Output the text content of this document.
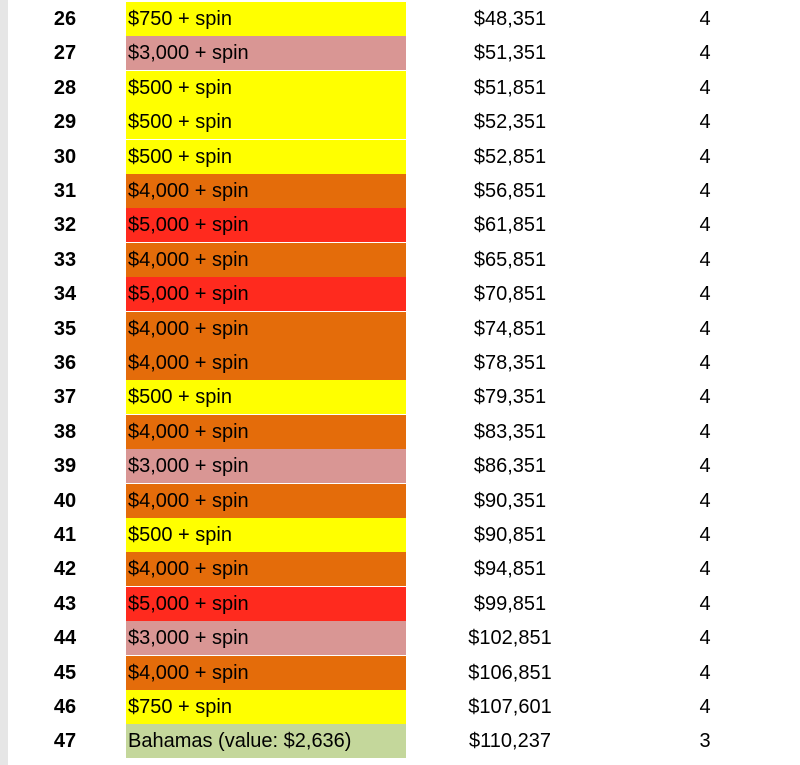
26	$750 + spin	$48,351	4
27	$3,000 + spin	$51,351	4
28	$500 + spin	$51,851	4
29	$500 + spin	$52,351	4
30	$500 + spin	$52,851	4
31	$4,000 + spin	$56,851	4
32	$5,000 + spin	$61,851	4
33	$4,000 + spin	$65,851	4
34	$5,000 + spin	$70,851	4
35	$4,000 + spin	$74,851	4
36	$4,000 + spin	$78,351	4
37	$500 + spin	$79,351	4
38	$4,000 + spin	$83,351	4
39	$3,000 + spin	$86,351	4
40	$4,000 + spin	$90,351	4
41	$500 + spin	$90,851	4
42	$4,000 + spin	$94,851	4
43	$5,000 + spin	$99,851	4
44	$3,000 + spin	$102,851	4
45	$4,000 + spin	$106,851	4
46	$750 + spin	$107,601	4
47	Bahamas (value: $2,636)	$110,237	3
